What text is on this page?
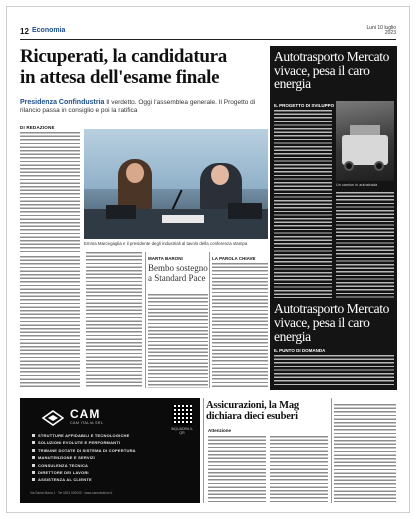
12 Economia	Luni 10 luglio
2023
Ricuperati, la candidatura
in attesa dell'esame finale
Presidenza Confindustria Il verdetto. Oggi l'assemblea generale. Il Progetto di rilancio passa in consiglio e poi la ratifica
DI REDAZIONE
Emma Marcegaglia e il presidente degli industriali al tavolo della conferenza stampa
MARTA BARONI
Bembo sostegno a Standard Pace
LA PAROLA CHIAVE
Autotrasporto Mercato vivace, pesa il caro energia
IL PROGETTO DI SVILUPPO
Un camion in autostrada
Autotrasporto Mercato vivace, pesa il caro energia
IL PUNTO DI DOMANDA
CAM
CAM ITALIA SRL
INQUADRA IL QR
STRUTTURE AFFIDABILI E TECNOLOGICHE
SOLUZIONI EVOLUTE E PERFORMANTI
TRIBUNE DOTATE DI SISTEMA DI COPERTURA
MANUTENZIONE E SERVIZI
CONSULENZA TECNICA
DIRETTORE DEI LAVORI
ASSISTENZA AL CLIENTE
Via Santa Maria 1 · Tel 0523 000000 · www.camstrutture.it
Assicurazioni, la Mag dichiara dieci esuberi
Attenzione
